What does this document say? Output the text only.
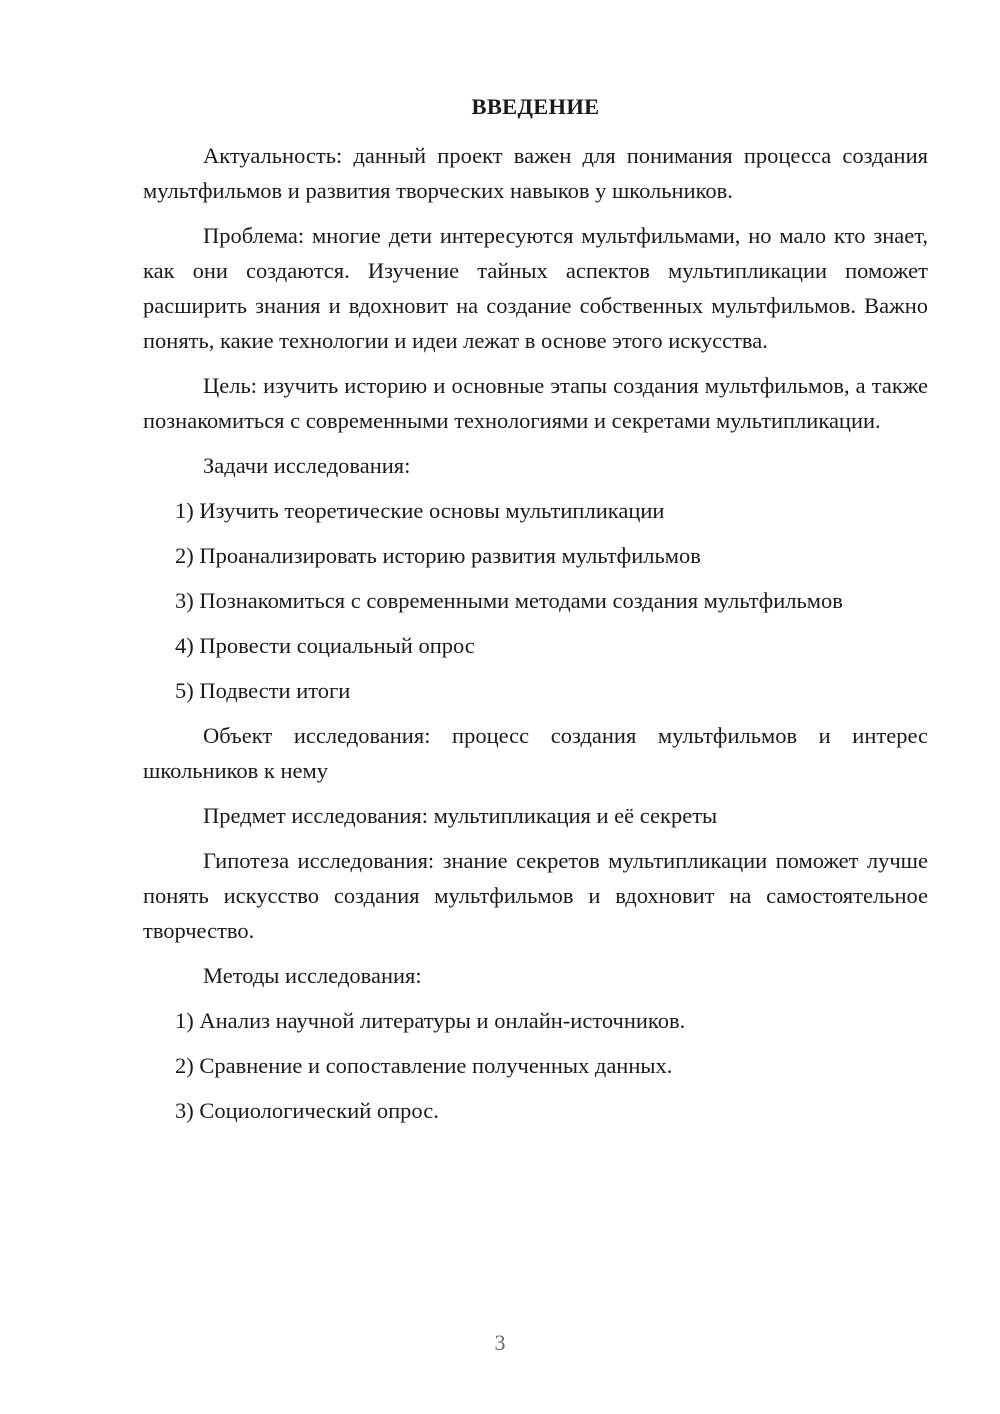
ВВЕДЕНИЕ

Актуальность: данный проект важен для понимания процесса создания мультфильмов и развития творческих навыков у школьников.

Проблема: многие дети интересуются мультфильмами, но мало кто знает, как они создаются. Изучение тайных аспектов мультипликации поможет расширить знания и вдохновит на создание собственных мультфильмов. Важно понять, какие технологии и идеи лежат в основе этого искусства.

Цель: изучить историю и основные этапы создания мультфильмов, а также познакомиться с современными технологиями и секретами мультипликации.

Задачи исследования:

1) Изучить теоретические основы мультипликации
2) Проанализировать историю развития мультфильмов
3) Познакомиться с современными методами создания мультфильмов
4) Провести социальный опрос
5) Подвести итоги

Объект исследования: процесс создания мультфильмов и интерес школьников к нему

Предмет исследования: мультипликация и её секреты

Гипотеза исследования: знание секретов мультипликации поможет лучше понять искусство создания мультфильмов и вдохновит на самостоятельное творчество.

Методы исследования:

1) Анализ научной литературы и онлайн-источников.
2) Сравнение и сопоставление полученных данных.
3) Социологический опрос.
3
